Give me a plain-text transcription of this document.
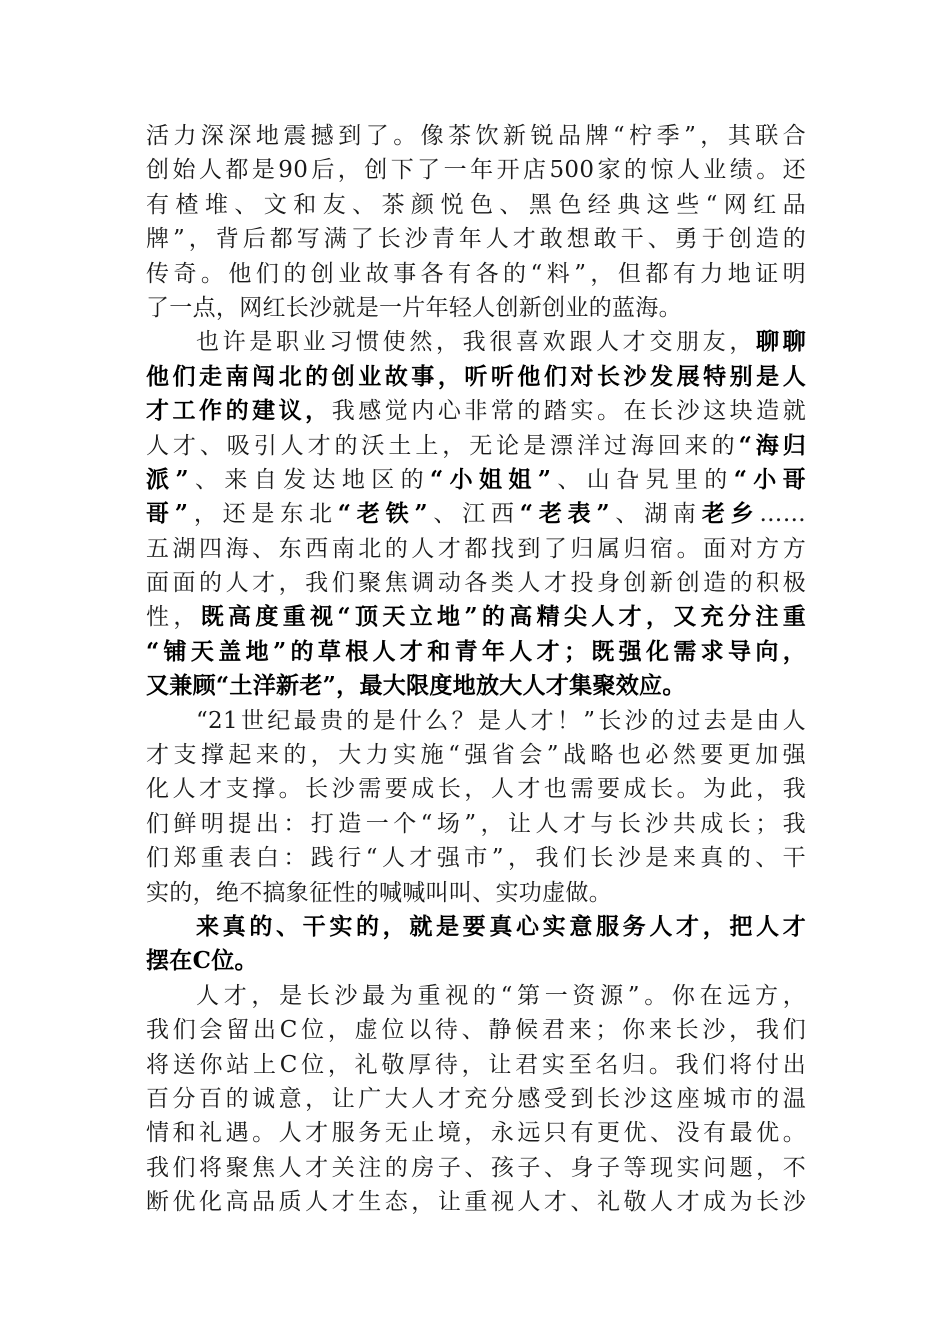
活力深深地震撼到了。像茶饮新锐品牌“柠季”，其联合
创始人都是90后，创下了一年开店500家的惊人业绩。还
有楂堆、文和友、茶颜悦色、黑色经典这些“网红品
牌”，背后都写满了长沙青年人才敢想敢干、勇于创造的
传奇。他们的创业故事各有各的“料”，但都有力地证明
了一点，网红长沙就是一片年轻人创新创业的蓝海。
也许是职业习惯使然，我很喜欢跟人才交朋友，聊聊
他们走南闯北的创业故事，听听他们对长沙发展特别是人
才工作的建议，我感觉内心非常的踏实。在长沙这块造就
人才、吸引人才的沃土上，无论是漂洋过海回来的“海归
派”、来自发达地区的“小姐姐”、山旮旯里的“小哥
哥”，还是东北“老铁”、江西“老表”、湖南老乡……
五湖四海、东西南北的人才都找到了归属归宿。面对方方
面面的人才，我们聚焦调动各类人才投身创新创造的积极
性，既高度重视“顶天立地”的高精尖人才，又充分注重
“铺天盖地”的草根人才和青年人才；既强化需求导向，
又兼顾“土洋新老”，最大限度地放大人才集聚效应。
“21世纪最贵的是什么？是人才！”长沙的过去是由人
才支撑起来的，大力实施“强省会”战略也必然要更加强
化人才支撑。长沙需要成长，人才也需要成长。为此，我
们鲜明提出：打造一个“场”，让人才与长沙共成长；我
们郑重表白：践行“人才强市”，我们长沙是来真的、干
实的，绝不搞象征性的喊喊叫叫、实功虚做。
来真的、干实的，就是要真心实意服务人才，把人才
摆在C位。
人才，是长沙最为重视的“第一资源”。你在远方，
我们会留出C位，虚位以待、静候君来；你来长沙，我们
将送你站上C位，礼敬厚待，让君实至名归。我们将付出
百分百的诚意，让广大人才充分感受到长沙这座城市的温
情和礼遇。人才服务无止境，永远只有更优、没有最优。
我们将聚焦人才关注的房子、孩子、身子等现实问题，不
断优化高品质人才生态，让重视人才、礼敬人才成为长沙
